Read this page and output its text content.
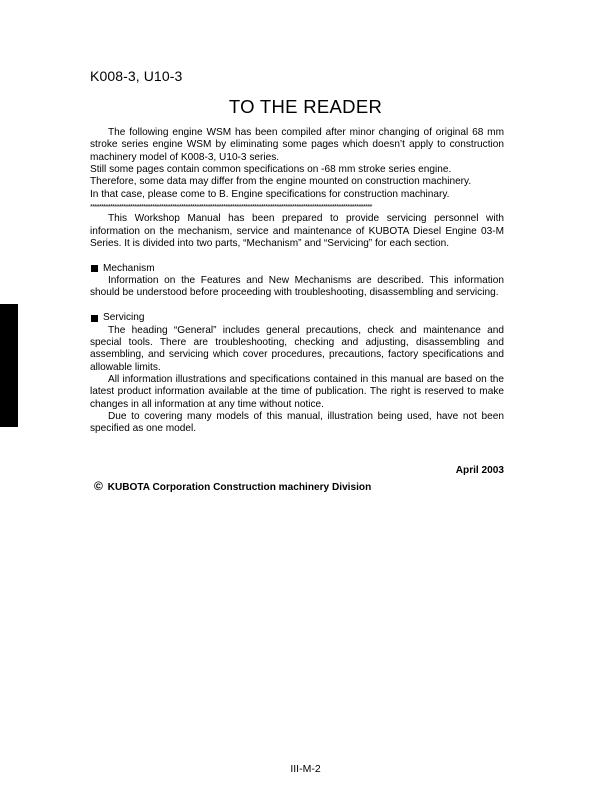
K008-3, U10-3
TO THE READER

The following engine WSM has been compiled after minor changing of original 68 mm stroke series engine WSM by eliminating some pages which doesn’t apply to construction machinery model of K008-3, U10-3 series.

Still some pages contain common specifications on -68 mm stroke series engine.

Therefore, some data may differ from the engine mounted on construction machinery.

In that case, please come to B. Engine specifications for construction machinary.

*******************************************************************************************************************************

This Workshop Manual has been prepared to provide servicing personnel with information on the mechanism, service and maintenance of KUBOTA Diesel Engine 03-M Series. It is divided into two parts, “Mechanism” and “Servicing” for each section.

Mechanism

Information on the Features and New Mechanisms are described. This information should be understood before proceeding with troubleshooting, disassembling and servicing.

Servicing

The heading “General” includes general precautions, check and maintenance and special tools. There are troubleshooting, checking and adjusting, disassembling and assembling, and servicing which cover procedures, precautions, factory specifications and allowable limits.

All information illustrations and specifications contained in this manual are based on the latest product information available at the time of publication. The right is reserved to make changes in all information at any time without notice.

Due to covering many models of this manual, illustration being used, have not been specified as one model.

April 2003
© KUBOTA Corporation Construction machinery Division
III-M-2
